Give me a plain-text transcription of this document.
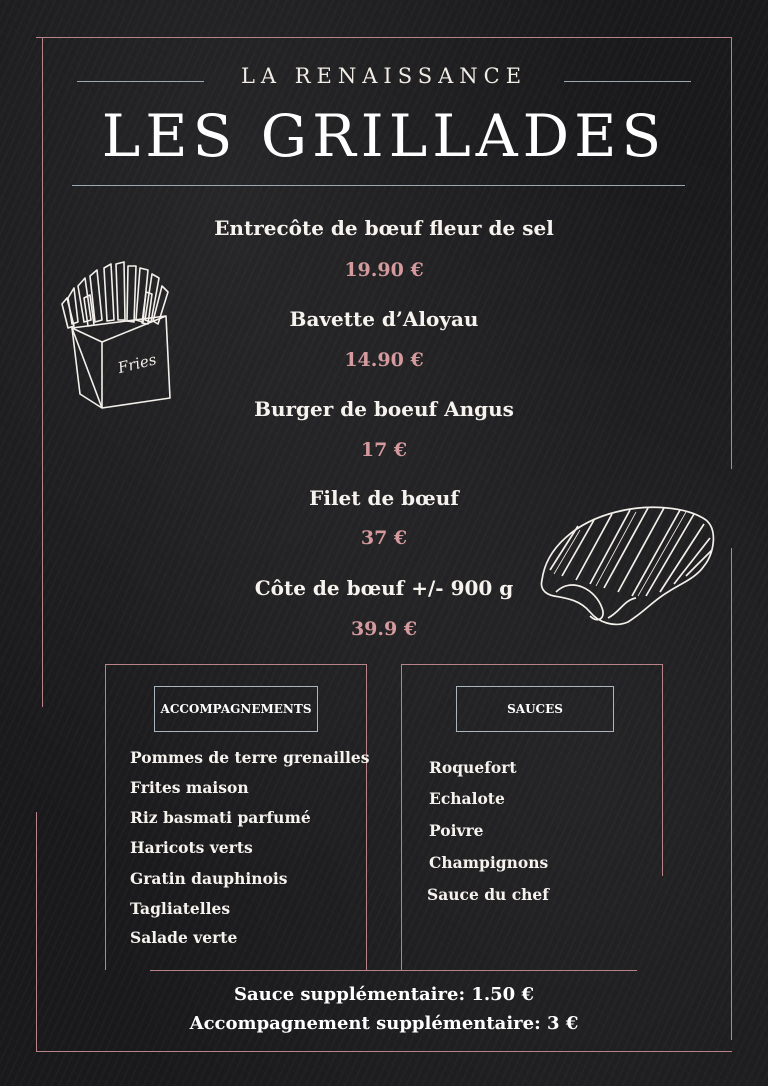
LA RENAISSANCE
LES GRILLADES
Entrecôte de bœuf fleur de sel
19.90 €
Bavette d’Aloyau
14.90 €
Burger de boeuf Angus
17 €
Filet de bœuf
37 €
Côte de bœuf +/- 900 g
39.9 €
Fries
ACCOMPAGNEMENTS
Pommes de terre grenailles
Frites maison
Riz basmati parfumé
Haricots verts
Gratin dauphinois
Tagliatelles
Salade verte
SAUCES
Roquefort
Echalote
Poivre
Champignons
Sauce du chef
Sauce supplémentaire: 1.50 €
Accompagnement supplémentaire: 3 €
